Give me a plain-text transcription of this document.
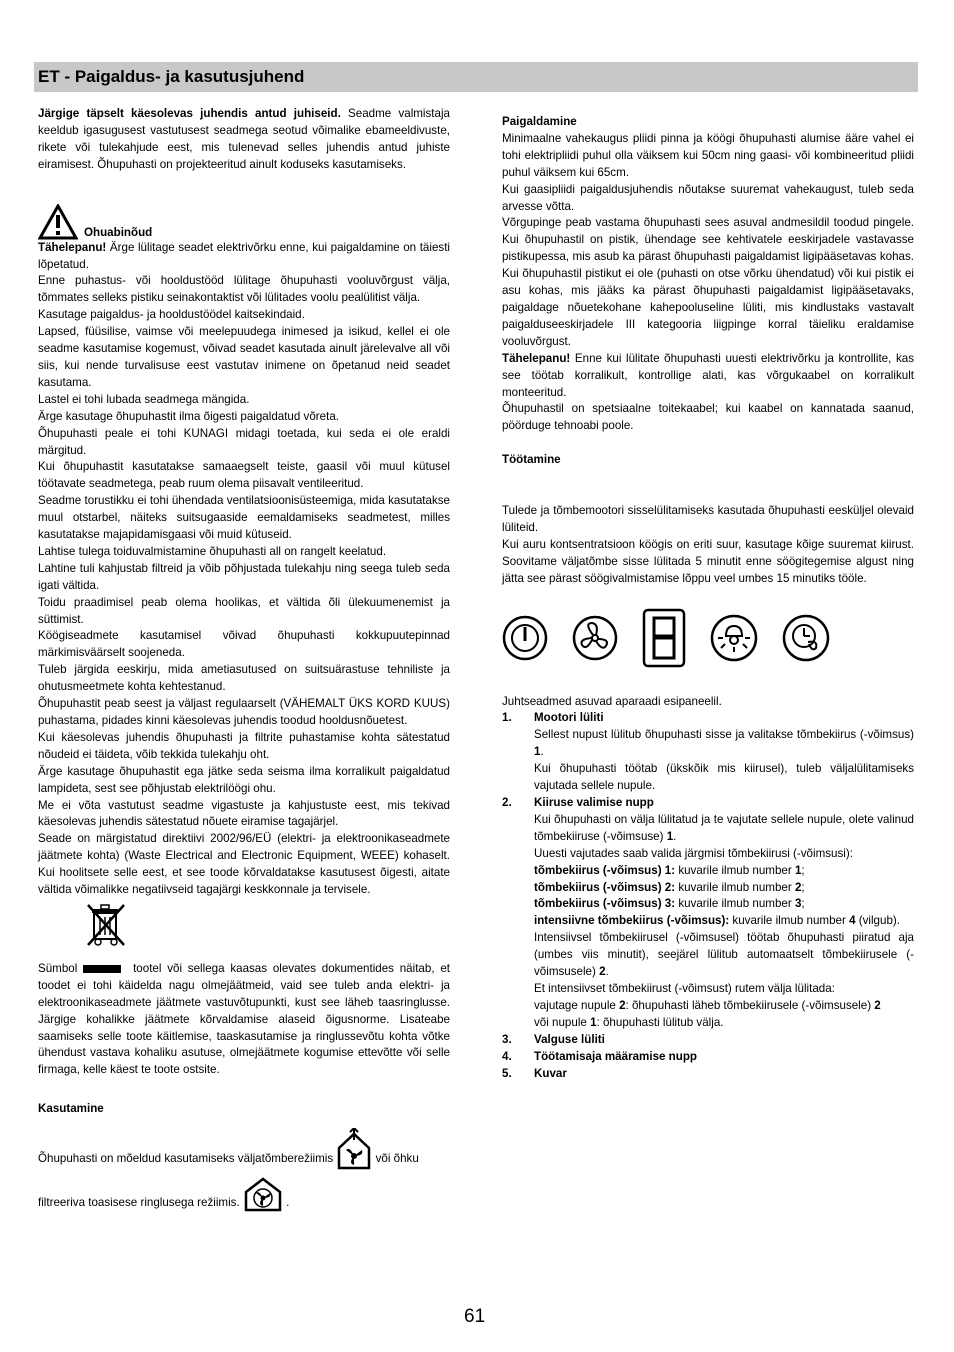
ET - Paigaldus- ja kasutusjuhend

Järgige täpselt käesolevas juhendis antud juhiseid. Seadme valmistaja keeldub igasugusest vastutusest seadmega seotud võimalike ebameeldivuste, rikete või tulekahjude eest, mis tulenevad selles juhendis antud juhiste eiramisest. Õhupuhasti on projekteeritud ainult koduseks kasutamiseks.

Ohuabinõud

Tähelepanu! Ärge lülitage seadet elektrivõrku enne, kui paigaldamine on täiesti lõpetatud.

Enne puhastus- või hooldustööd lülitage õhupuhasti vooluvõrgust välja, tõmmates selleks pistiku seinakontaktist või lülitades voolu pealülitist välja.

Kasutage paigaldus- ja hooldustöödel kaitsekindaid.

Lapsed, füüsilise, vaimse või meelepuudega inimesed ja isikud, kellel ei ole seadme kasutamise kogemust, võivad seadet kasutada ainult järelevalve all või siis, kui nende turvalisuse eest vastutav inimene on õpetanud neid seadet kasutama.

Lastel ei tohi lubada seadmega mängida.

Ärge kasutage õhupuhastit ilma õigesti paigaldatud võreta.

Õhupuhasti peale ei tohi KUNAGI midagi toetada, kui seda ei ole eraldi märgitud.

Kui õhupuhastit kasutatakse samaaegselt teiste, gaasil või muul kütusel töötavate seadmetega, peab ruum olema piisavalt ventileeritud.

Seadme torustikku ei tohi ühendada ventilatsioonisüsteemiga, mida kasutatakse muul otstarbel, näiteks suitsugaaside eemaldamiseks seadmetest, milles kasutatakse majapidamisgaasi või muid kütuseid.

Lahtise tulega toiduvalmistamine õhupuhasti all on rangelt keelatud.

Lahtine tuli kahjustab filtreid ja võib põhjustada tulekahju ning seega tuleb seda igati vältida.

Toidu praadimisel peab olema hoolikas, et vältida õli ülekuumenemist ja süttimist.

Köögiseadmete kasutamisel võivad õhupuhasti kokkupuutepinnad märkimisväärselt soojeneda.

Tuleb järgida eeskirju, mida ametiasutused on suitsuärastuse tehniliste ja ohutusmeetmete kohta kehtestanud.

Õhupuhastit peab seest ja väljast regulaarselt (VÄHEMALT ÜKS KORD KUUS) puhastama, pidades kinni käesolevas juhendis toodud hooldusnõuetest.

Kui käesolevas juhendis õhupuhasti ja filtrite puhastamise kohta sätestatud nõudeid ei täideta, võib tekkida tulekahju oht.

Ärge kasutage õhupuhastit ega jätke seda seisma ilma korralikult paigaldatud lampideta, sest see põhjustab elektrilöögi ohu.

Me ei võta vastutust seadme vigastuste ja kahjustuste eest, mis tekivad käesolevas juhendis sätestatud nõuete eiramise tagajärjel.

Seade on märgistatud direktiivi 2002/96/EÜ (elektri- ja elektroonikaseadmete jäätmete kohta) (Waste Electrical and Electronic Equipment, WEEE) kohaselt. Kui hoolitsete selle eest, et see toode kõrvaldatakse kasutusest õigesti, aitate vältida võimalikke negatiivseid tagajärgi keskkonnale ja tervisele.

Sümbol	tootel või sellega kaasas olevates dokumentides näitab, et toodet ei tohi käidelda nagu olmejäätmeid, vaid see tuleb anda elektri- ja elektroonikaseadmete jäätmete vastuvõtupunkti, kust see läheb taasringlusse. Järgige kohalikke jäätmete kõrvaldamise alaseid õigusnorme. Lisateabe saamiseks selle toote käitlemise, taaskasutamise ja ringlussevõtu kohta võtke ühendust vastava kohaliku asutuse, olmejäätmete kogumise ettevõtte või selle firmaga, kelle käest te toote ostsite.

Kasutamine

Õhupuhasti on mõeldud kasutamiseks väljatõmberežiimis	või õhku

filtreeriva toasisese ringlusega režiimis.	.

Paigaldamine

Minimaalne vahekaugus pliidi pinna ja köögi õhupuhasti alumise ääre vahel ei tohi elektripliidi puhul olla väiksem kui 50cm ning gaasi- või kombineeritud pliidi puhul väiksem kui 65cm.

Kui gaasipliidi paigaldusjuhendis nõutakse suuremat vahekaugust, tuleb seda arvesse võtta.

Võrgupinge peab vastama õhupuhasti sees asuval andmesildil toodud pingele. Kui õhupuhastil on pistik, ühendage see kehtivatele eeskirjadele vastavasse pistikupessa, mis asub ka pärast õhupuhasti paigaldamist ligipääsetavas kohas. Kui õhupuhastil pistikut ei ole (puhasti on otse võrku ühendatud) või kui pistik ei asu kohas, mis jääks ka pärast õhupuhasti paigaldamist ligipääsetavaks, paigaldage nõuetekohane kahepooluseline lüliti, mis kindlustaks vastavalt paigalduseeskirjadele III kategooria liigpinge korral täieliku eraldamise vooluvõrgust.

Tähelepanu! Enne kui lülitate õhupuhasti uuesti elektrivõrku ja kontrollite, kas see töötab korralikult, kontrollige alati, kas võrgukaabel on korralikult monteeritud.

Õhupuhastil on spetsiaalne toitekaabel; kui kaabel on kannatada saanud, pöörduge tehnoabi poole.

Töötamine

Tulede ja tõmbemootori sisselülitamiseks kasutada õhupuhasti eesküljel olevaid lüliteid.

Kui auru kontsentratsioon köögis on eriti suur, kasutage kõige suuremat kiirust. Soovitame väljatõmbe sisse lülitada 5 minutit enne söögitegemise algust ning jätta see pärast söögivalmistamise lõppu veel umbes 15 minutiks tööle.

Juhtseadmed asuvad aparaadi esipaneelil.

1. Mootori lüliti

Sellest nupust lülitub õhupuhasti sisse ja valitakse tõmbekiirus (-võimsus) 1.

Kui õhupuhasti töötab (ükskõik mis kiirusel), tuleb väljalülitamiseks vajutada sellele nupule.

2. Kiiruse valimise nupp

Kui õhupuhasti on välja lülitatud ja te vajutate sellele nupule, olete valinud tõmbekiiruse (-võimsuse) 1.

Uuesti vajutades saab valida järgmisi tõmbekiirusi (-võimsusi):

tõmbekiirus (-võimsus) 1: kuvarile ilmub number 1;

tõmbekiirus (-võimsus) 2: kuvarile ilmub number 2;

tõmbekiirus (-võimsus) 3: kuvarile ilmub number 3;

intensiivne tõmbekiirus (-võimsus): kuvarile ilmub number 4 (vilgub).

Intensiivsel tõmbekiirusel (-võimsusel) töötab õhupuhasti piiratud aja (umbes viis minutit), seejärel lülitub automaatselt tõmbekiirusele (-võimsusele) 2.

Et intensiivset tõmbekiirust (-võimsust) rutem välja lülitada:

vajutage nupule 2: õhupuhasti läheb tõmbekiirusele (-võimsusele) 2

või nupule 1: õhupuhasti lülitub välja.

3. Valguse lüliti

4. Töötamisaja määramise nupp

5. Kuvar

61
